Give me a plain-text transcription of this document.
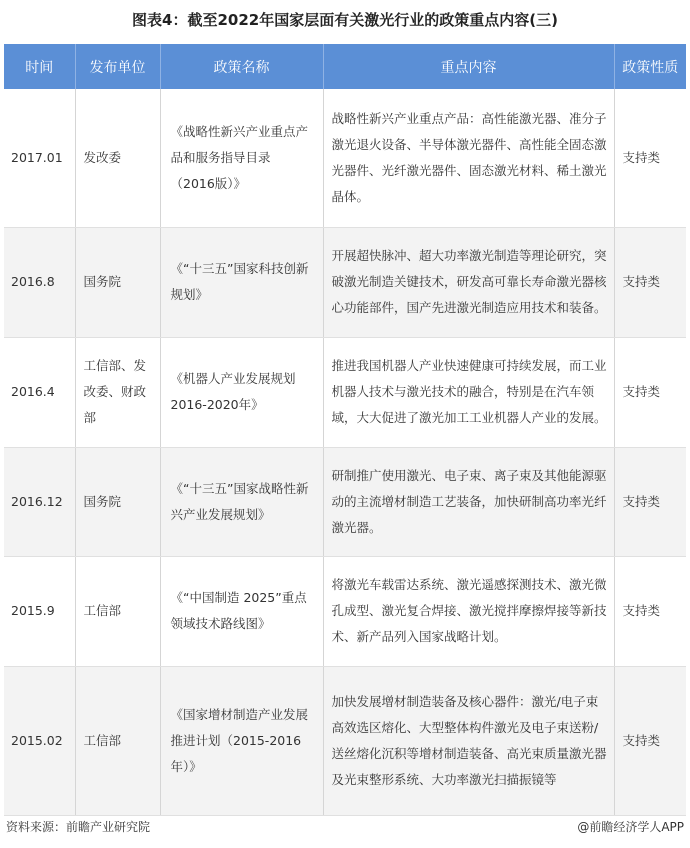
图表4：截至2022年国家层面有关激光行业的政策重点内容(三)
时间	发布单位	政策名称	重点内容	政策性质
2017.01	发改委	《战略性新兴产业重点产品和服务指导目录（2016版）》	战略性新兴产业重点产品：高性能激光器、准分子激光退火设备、半导体激光器件、高性能全固态激光器件、光纤激光器件、固态激光材料、稀土激光晶体。	支持类
2016.8	国务院	《“十三五”国家科技创新规划》	开展超快脉冲、超大功率激光制造等理论研究，突破激光制造关键技术，研发高可靠长寿命激光器核心功能部件，国产先进激光制造应用技术和装备。	支持类
2016.4	工信部、发改委、财政部	《机器人产业发展规划2016-2020年》	推进我国机器人产业快速健康可持续发展，而工业机器人技术与激光技术的融合，特别是在汽车领域，大大促进了激光加工工业机器人产业的发展。	支持类
2016.12	国务院	《“十三五”国家战略性新兴产业发展规划》	研制推广使用激光、电子束、离子束及其他能源驱动的主流增材制造工艺装备，加快研制高功率光纤激光器。	支持类
2015.9	工信部	《“中国制造 2025”重点领域技术路线图》	将激光车载雷达系统、激光遥感探测技术、激光微孔成型、激光复合焊接、激光搅拌摩擦焊接等新技术、新产品列入国家战略计划。	支持类
2015.02	工信部	《国家增材制造产业发展推进计划（2015-2016年）》	加快发展增材制造装备及核心器件：激光/电子束高效选区熔化、大型整体构件激光及电子束送粉/送丝熔化沉积等增材制造装备、高光束质量激光器及光束整形系统、大功率激光扫描振镜等	支持类
资料来源：前瞻产业研究院	@前瞻经济学人APP
